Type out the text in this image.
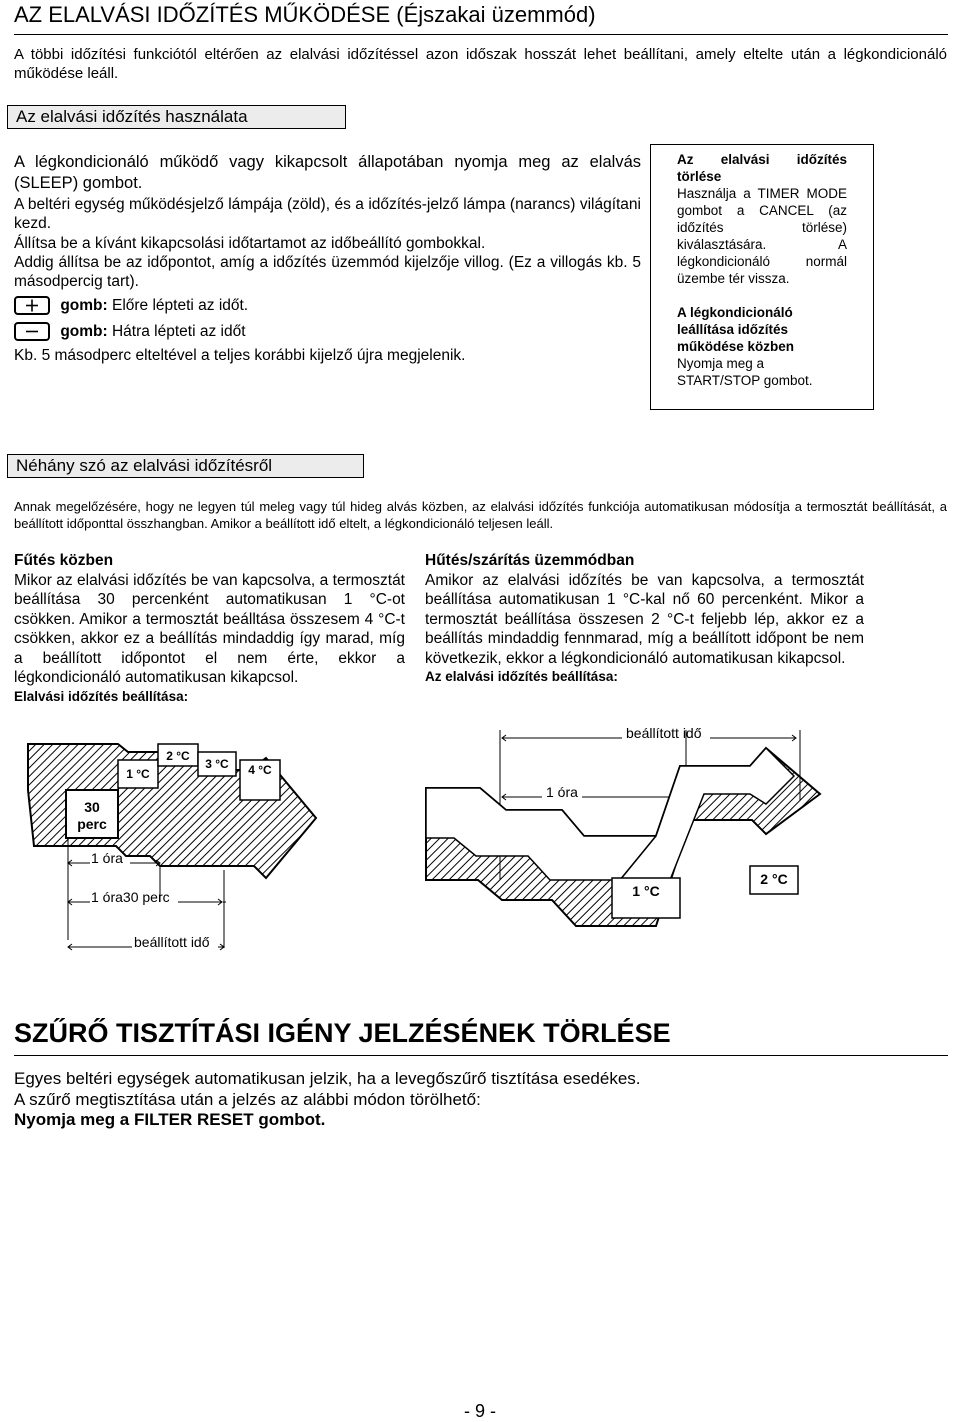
AZ ELALVÁSI IDŐZÍTÉS MŰKÖDÉSE (Éjszakai üzemmód)
A többi időzítési funkciótól eltérően az elalvási időzítéssel azon időszak hosszát lehet beállítani, amely eltelte után a légkondicionáló működése leáll.
Az elalvási időzítés használata
A légkondicionáló működő vagy kikapcsolt állapotában nyomja meg az elalvás (SLEEP) gombot.
A beltéri egység működésjelző lámpája (zöld), és a időzítés-jelző lámpa (narancs) világítani kezd.
Állítsa be a kívánt kikapcsolási időtartamot az időbeállító gombokkal.
Addig állítsa be az időpontot, amíg a időzítés üzemmód kijelzője villog. (Ez a villogás kb. 5 másodpercig tart).
gomb: Előre lépteti az időt.
gomb: Hátra lépteti az időt
Kb. 5 másodperc elteltével a teljes korábbi kijelző újra megjelenik.
Az elalvási időzítés törlése
Használja a TIMER MODE gombot a CANCEL (az időzítés törlése) kiválasztására. A légkondicionáló normál üzembe tér vissza.
A légkondicionáló leállítása időzítés működése közben
Nyomja meg a START/STOP gombot.
Néhány szó az elalvási időzítésről
Annak megelőzésére, hogy ne legyen túl meleg vagy túl hideg alvás közben, az elalvási időzítés funkciója automatikusan módosítja a termosztát beállítását, a beállított időponttal összhangban. Amikor a beállított idő eltelt, a légkondicionáló teljesen leáll.
Fűtés közben
Mikor az elalvási időzítés be van kapcsolva, a termosztát beállítása 30 percenként automatikusan 1 °C-ot csökken. Amikor a termosztát beálltása összesem 4 °C-t csökken, akkor ez a beállítás mindaddig így marad, míg a beállított időpontot el nem érte, ekkor a légkondicionáló automatikusan kikapcsol.
Elalvási időzítés beállítása:
Hűtés/szárítás üzemmódban
Amikor az elalvási időzítés be van kapcsolva, a termosztát beállítása automatikusan 1 °C-kal nő 60 percenként. Mikor a termosztát beállítása összesen 2 °C-t feljebb lép, akkor ez a beállítás mindaddig fennmarad, míg a beállított időpont be nem következik, ekkor a légkondicionáló automatikusan kikapcsol.
Az elalvási időzítés beállítása:
30
perc
1 °C
2 °C
3 °C 4 °C
1 óra
1 óra30 perc
beállított idő
beállított idő
1 óra
1 °C
2 °C
SZŰRŐ TISZTÍTÁSI IGÉNY JELZÉSÉNEK TÖRLÉSE
Egyes beltéri egységek automatikusan jelzik, ha a levegőszűrő tisztítása esedékes.
A szűrő megtisztítása után a jelzés az alábbi módon törölhető:
Nyomja meg a FILTER RESET gombot.
- 9 -
